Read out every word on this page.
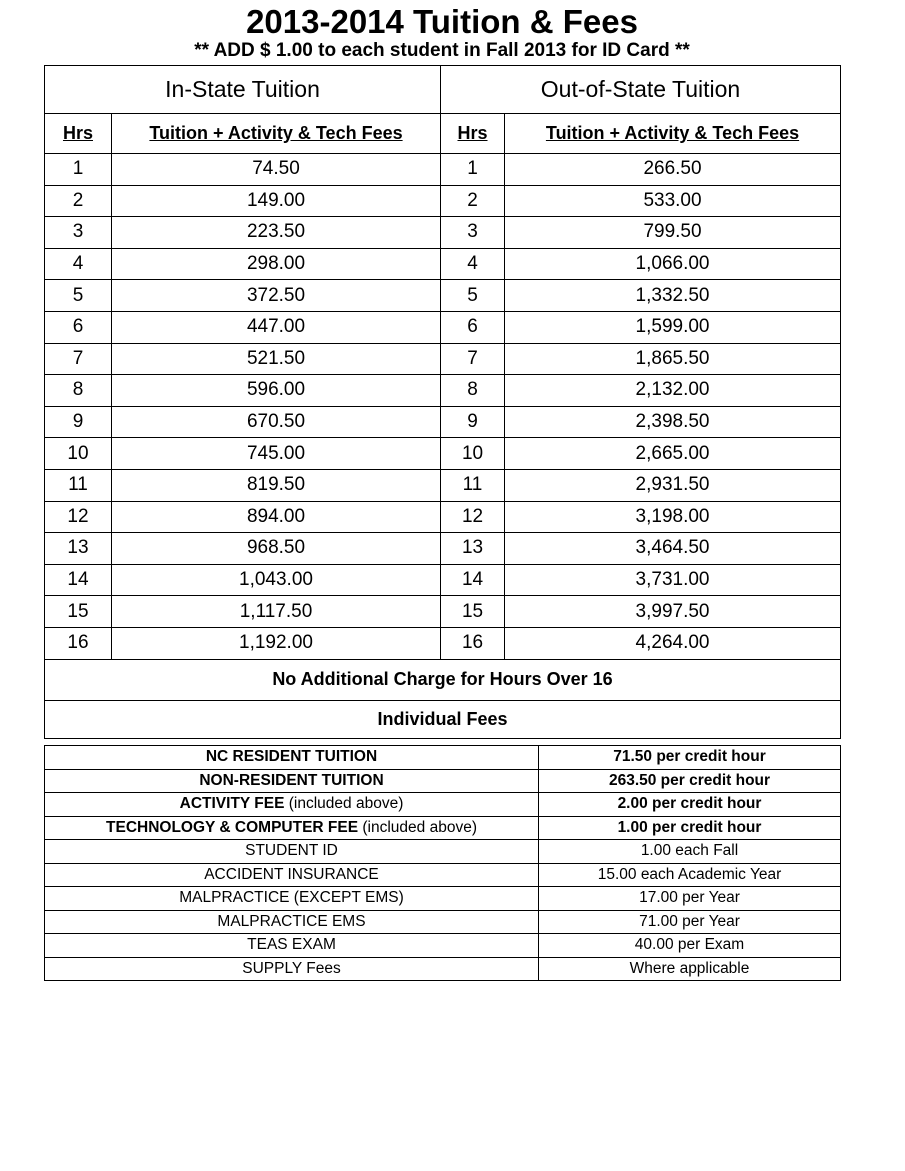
2013-2014 Tuition & Fees
** ADD $ 1.00 to each student in Fall 2013 for ID Card **
In-State Tuition		Out-of-State Tuition	
Hrs	Tuition + Activity & Tech Fees	Hrs	Tuition + Activity & Tech Fees
1	74.50	1	266.50
2	149.00	2	533.00
3	223.50	3	799.50
4	298.00	4	1,066.00
5	372.50	5	1,332.50
6	447.00	6	1,599.00
7	521.50	7	1,865.50
8	596.00	8	2,132.00
9	670.50	9	2,398.50
10	745.00	10	2,665.00
11	819.50	11	2,931.50
12	894.00	12	3,198.00
13	968.50	13	3,464.50
14	1,043.00	14	3,731.00
15	1,117.50	15	3,997.50
16	1,192.00	16	4,264.00
No Additional Charge for Hours Over 16			
Individual Fees			
NC RESIDENT TUITION	71.50 per credit hour
NON-RESIDENT TUITION	263.50 per credit hour
ACTIVITY FEE (included above)	2.00 per credit hour
TECHNOLOGY & COMPUTER FEE (included above)	1.00 per credit hour
STUDENT ID	1.00 each Fall
ACCIDENT INSURANCE	15.00 each Academic Year
MALPRACTICE (EXCEPT EMS)	17.00 per Year
MALPRACTICE EMS	71.00 per Year
TEAS EXAM	40.00 per Exam
SUPPLY Fees	Where applicable
